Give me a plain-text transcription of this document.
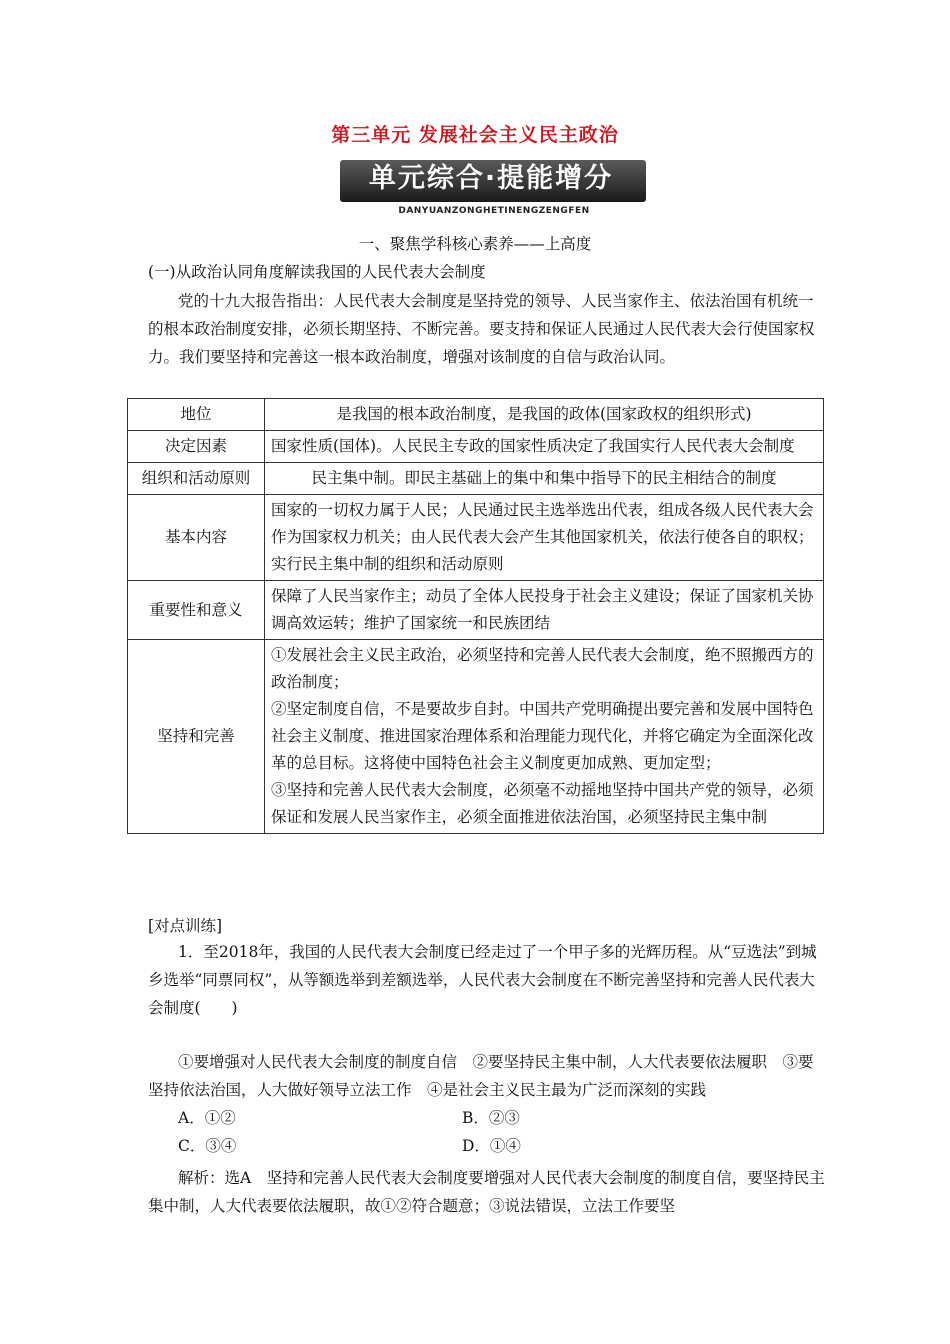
第三单元 发展社会主义民主政治
单元综合·提能增分
DANYUANZONGHETINENGZENGFEN
一、聚焦学科核心素养——上高度
(一)从政治认同角度解读我国的人民代表大会制度
党的十九大报告指出：人民代表大会制度是坚持党的领导、人民当家作主、依法治国有机统一的根本政治制度安排，必须长期坚持、不断完善。要支持和保证人民通过人民代表大会行使国家权力。我们要坚持和完善这一根本政治制度，增强对该制度的自信与政治认同。
地位	是我国的根本政治制度，是我国的政体(国家政权的组织形式)
决定因素	国家性质(国体)。人民民主专政的国家性质决定了我国实行人民代表大会制度
组织和活动原则	民主集中制。即民主基础上的集中和集中指导下的民主相结合的制度
基本内容	国家的一切权力属于人民；人民通过民主选举选出代表，组成各级人民代表大会作为国家权力机关；由人民代表大会产生其他国家机关，依法行使各自的职权；实行民主集中制的组织和活动原则
重要性和意义	保障了人民当家作主；动员了全体人民投身于社会主义建设；保证了国家机关协调高效运转；维护了国家统一和民族团结
坚持和完善	①发展社会主义民主政治，必须坚持和完善人民代表大会制度，绝不照搬西方的政治制度；
②坚定制度自信，不是要故步自封。中国共产党明确提出要完善和发展中国特色社会主义制度、推进国家治理体系和治理能力现代化，并将它确定为全面深化改革的总目标。这将使中国特色社会主义制度更加成熟、更加定型；
③坚持和完善人民代表大会制度，必须毫不动摇地坚持中国共产党的领导，必须保证和发展人民当家作主，必须全面推进依法治国，必须坚持民主集中制
[对点训练]
1．至2018年，我国的人民代表大会制度已经走过了一个甲子多的光辉历程。从“豆选法”到城乡选举“同票同权”，从等额选举到差额选举，人民代表大会制度在不断完善坚持和完善人民代表大会制度(　　)
①要增强对人民代表大会制度的制度自信　②要坚持民主集中制，人大代表要依法履职　③要坚持依法治国，人大做好领导立法工作　④是社会主义民主最为广泛而深刻的实践
A．①②	B．②③
C．③④	D．①④
解析：选A　坚持和完善人民代表大会制度要增强对人民代表大会制度的制度自信，要坚持民主集中制，人大代表要依法履职，故①②符合题意；③说法错误，立法工作要坚
